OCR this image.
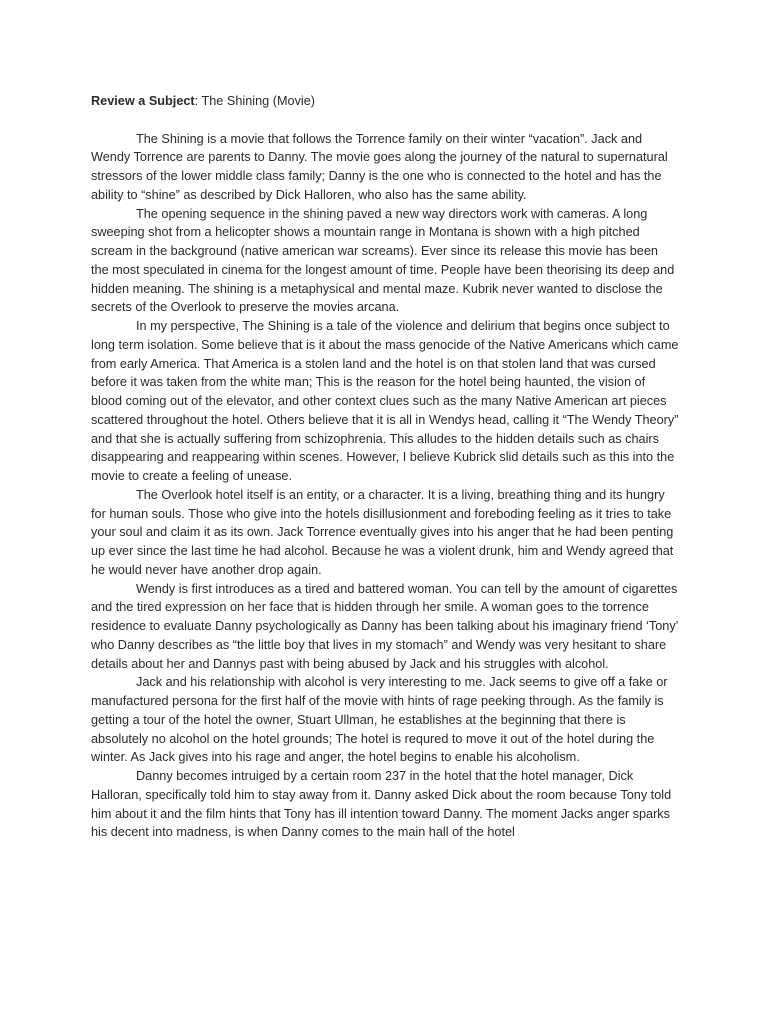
Review a Subject: The Shining (Movie)

The Shining is a movie that follows the Torrence family on their winter “vacation”. Jack and Wendy Torrence are parents to Danny. The movie goes along the journey of the natural to supernatural stressors of the lower middle class family; Danny is the one who is connected to the hotel and has the ability to “shine” as described by Dick Halloren, who also has the same ability.

The opening sequence in the shining paved a new way directors work with cameras. A long sweeping shot from a helicopter shows a mountain range in Montana is shown with a high pitched scream in the background (native american war screams). Ever since its release this movie has been the most speculated in cinema for the longest amount of time. People have been theorising its deep and hidden meaning. The shining is a metaphysical and mental maze. Kubrik never wanted to disclose the secrets of the Overlook to preserve the movies arcana.

In my perspective, The Shining is a tale of the violence and delirium that begins once subject to long term isolation. Some believe that is it about the mass genocide of the Native Americans which came from early America. That America is a stolen land and the hotel is on that stolen land that was cursed before it was taken from the white man; This is the reason for the hotel being haunted, the vision of blood coming out of the elevator, and other context clues such as the many Native American art pieces scattered throughout the hotel. Others believe that it is all in Wendys head, calling it “The Wendy Theory” and that she is actually suffering from schizophrenia. This alludes to the hidden details such as chairs disappearing and reappearing within scenes. However, I believe Kubrick slid details such as this into the movie to create a feeling of unease.

The Overlook hotel itself is an entity, or a character. It is a living, breathing thing and its hungry for human souls. Those who give into the hotels disillusionment and foreboding feeling as it tries to take your soul and claim it as its own. Jack Torrence eventually gives into his anger that he had been penting up ever since the last time he had alcohol. Because he was a violent drunk, him and Wendy agreed that he would never have another drop again.

Wendy is first introduces as a tired and battered woman. You can tell by the amount of cigarettes and the tired expression on her face that is hidden through her smile. A woman goes to the torrence residence to evaluate Danny psychologically as Danny has been talking about his imaginary friend ‘Tony’ who Danny describes as “the little boy that lives in my stomach” and Wendy was very hesitant to share details about her and Dannys past with being abused by Jack and his struggles with alcohol.

Jack and his relationship with alcohol is very interesting to me. Jack seems to give off a fake or manufactured persona for the first half of the movie with hints of rage peeking through. As the family is getting a tour of the hotel the owner, Stuart Ullman, he establishes at the beginning that there is absolutely no alcohol on the hotel grounds; The hotel is requred to move it out of the hotel during the winter. As Jack gives into his rage and anger, the hotel begins to enable his alcoholism.

Danny becomes intruiged by a certain room 237 in the hotel that the hotel manager, Dick Halloran, specifically told him to stay away from it. Danny asked Dick about the room because Tony told him about it and the film hints that Tony has ill intention toward Danny. The moment Jacks anger sparks his decent into madness, is when Danny comes to the main hall of the hotel
